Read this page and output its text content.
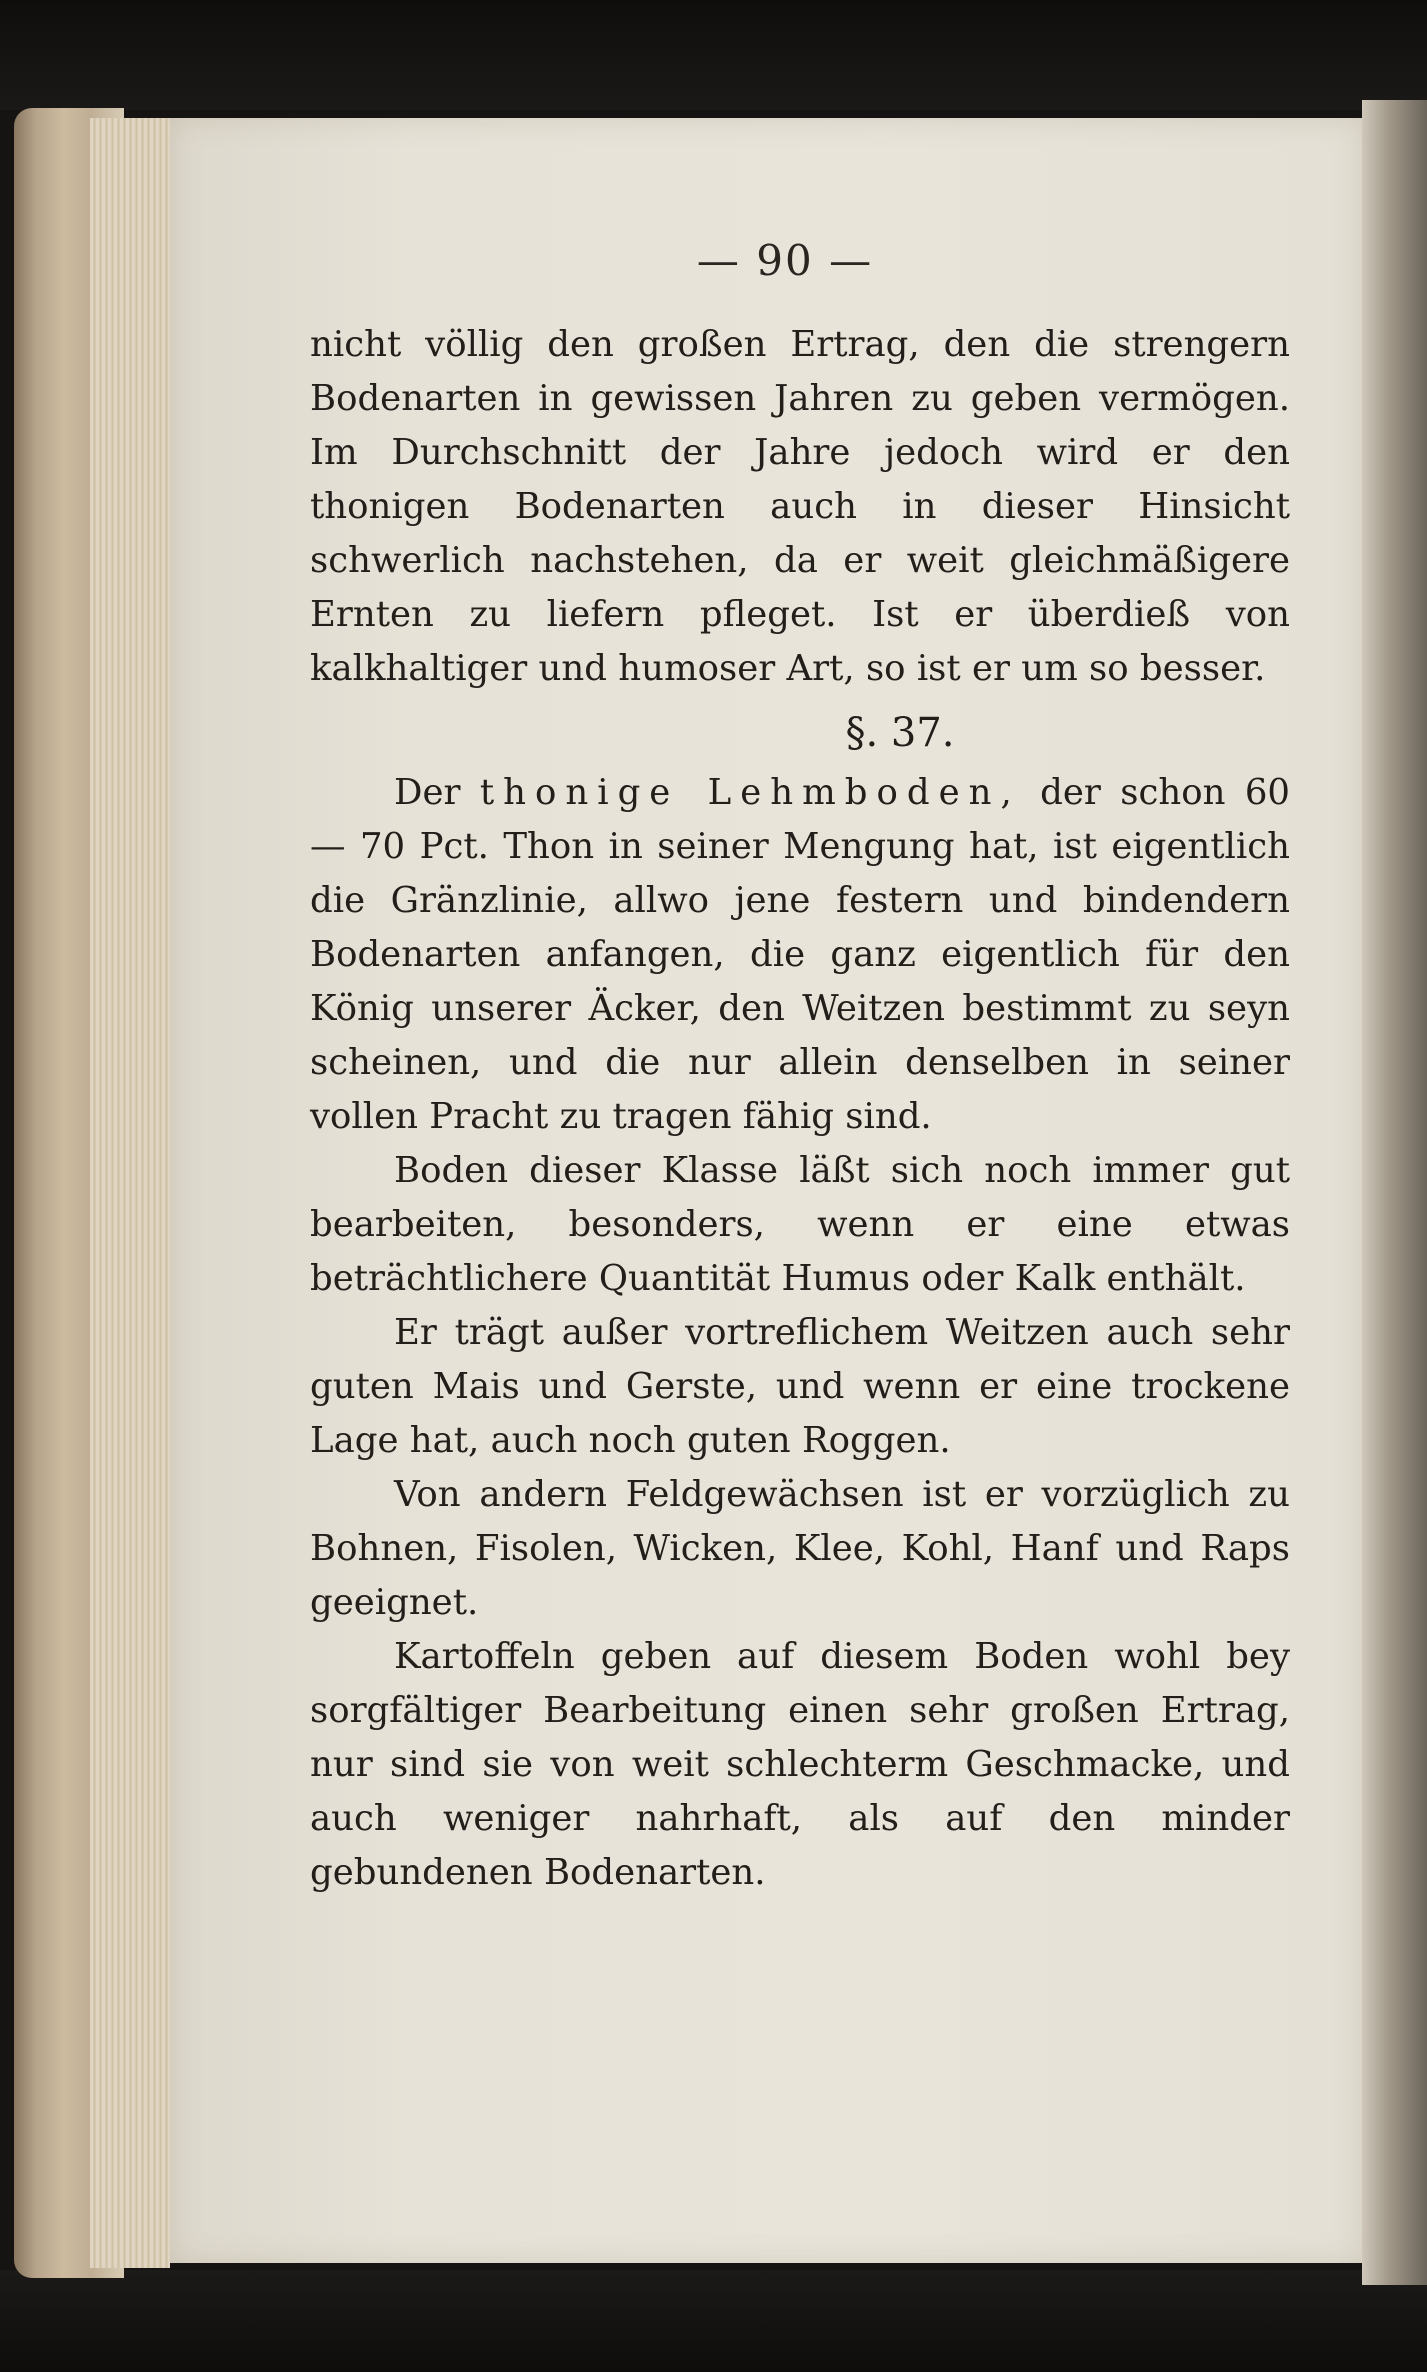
— 90 —

nicht völlig den großen Ertrag, den die strengern Bodenarten in gewissen Jahren zu geben vermögen. Im Durchschnitt der Jahre jedoch wird er den thonigen Bodenarten auch in dieser Hinsicht schwerlich nachstehen, da er weit gleichmäßigere Ernten zu liefern pfleget. Ist er überdieß von kalkhaltiger und humoser Art, so ist er um so besser.

§. 37.

Der thonige Lehmboden, der schon 60 — 70 Pct. Thon in seiner Mengung hat, ist eigentlich die Gränzlinie, allwo jene festern und bindendern Bodenarten anfangen, die ganz eigentlich für den König unserer Äcker, den Weitzen bestimmt zu seyn scheinen, und die nur allein denselben in seiner vollen Pracht zu tragen fähig sind.

Boden dieser Klasse läßt sich noch immer gut bearbeiten, besonders, wenn er eine etwas beträchtlichere Quantität Humus oder Kalk enthält.

Er trägt außer vortreflichem Weitzen auch sehr guten Mais und Gerste, und wenn er eine trockene Lage hat, auch noch guten Roggen.

Von andern Feldgewächsen ist er vorzüglich zu Bohnen, Fisolen, Wicken, Klee, Kohl, Hanf und Raps geeignet.

Kartoffeln geben auf diesem Boden wohl bey sorgfältiger Bearbeitung einen sehr großen Ertrag, nur sind sie von weit schlechterm Geschmacke, und auch weniger nahrhaft, als auf den minder gebundenen Bodenarten.
